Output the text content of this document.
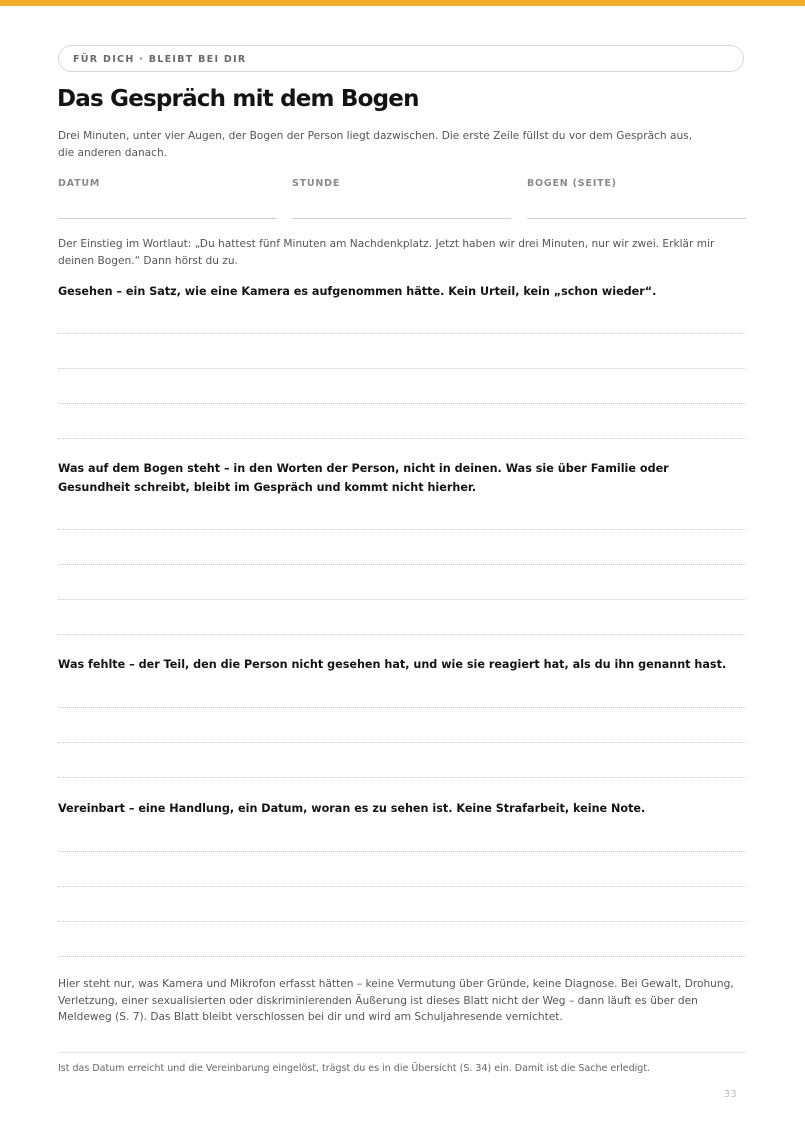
FÜR DICH · BLEIBT BEI DIR
Das Gespräch mit dem Bogen
Drei Minuten, unter vier Augen, der Bogen der Person liegt dazwischen. Die erste Zeile füllst du vor dem Gespräch aus, die anderen danach.
DATUM	STUNDE	BOGEN (SEITE)
Der Einstieg im Wortlaut: „Du hattest fünf Minuten am Nachdenkplatz. Jetzt haben wir drei Minuten, nur wir zwei. Erklär mir deinen Bogen.“ Dann hörst du zu.
Gesehen – ein Satz, wie eine Kamera es aufgenommen hätte. Kein Urteil, kein „schon wieder“.
Was auf dem Bogen steht – in den Worten der Person, nicht in deinen. Was sie über Familie oder Gesundheit schreibt, bleibt im Gespräch und kommt nicht hierher.
Was fehlte – der Teil, den die Person nicht gesehen hat, und wie sie reagiert hat, als du ihn genannt hast.
Vereinbart – eine Handlung, ein Datum, woran es zu sehen ist. Keine Strafarbeit, keine Note.
Hier steht nur, was Kamera und Mikrofon erfasst hätten – keine Vermutung über Gründe, keine Diagnose. Bei Gewalt, Drohung, Verletzung, einer sexualisierten oder diskriminierenden Äußerung ist dieses Blatt nicht der Weg – dann läuft es über den Meldeweg (S. 7). Das Blatt bleibt verschlossen bei dir und wird am Schuljahresende vernichtet.
Ist das Datum erreicht und die Vereinbarung eingelöst, trägst du es in die Übersicht (S. 34) ein. Damit ist die Sache erledigt.
33
